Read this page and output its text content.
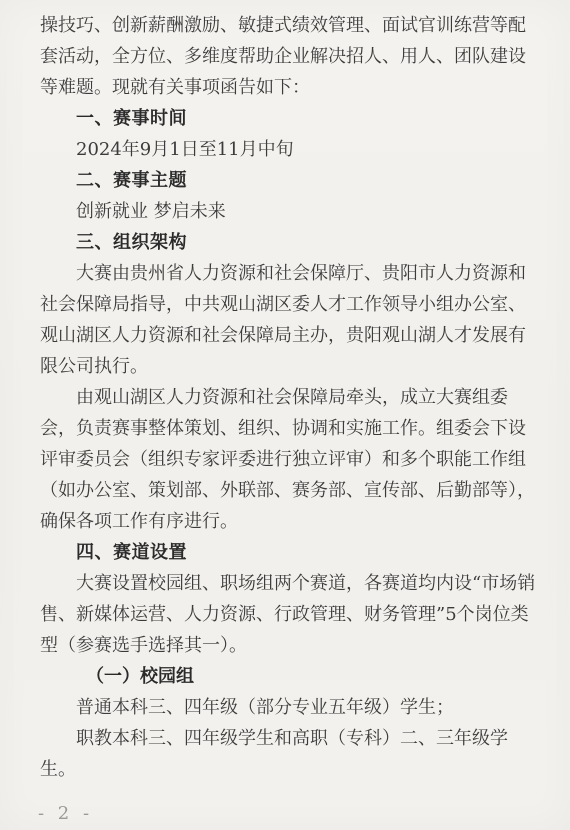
操技巧、创新薪酬激励、敏捷式绩效管理、面试官训练营等配套活动，全方位、多维度帮助企业解决招人、用人、团队建设等难题。现就有关事项函告如下：

一、赛事时间

2024年9月1日至11月中旬

二、赛事主题

创新就业 梦启未来

三、组织架构

大赛由贵州省人力资源和社会保障厅、贵阳市人力资源和社会保障局指导，中共观山湖区委人才工作领导小组办公室、观山湖区人力资源和社会保障局主办，贵阳观山湖人才发展有限公司执行。

由观山湖区人力资源和社会保障局牵头，成立大赛组委会，负责赛事整体策划、组织、协调和实施工作。组委会下设评审委员会（组织专家评委进行独立评审）和多个职能工作组（如办公室、策划部、外联部、赛务部、宣传部、后勤部等），确保各项工作有序进行。

四、赛道设置

大赛设置校园组、职场组两个赛道，各赛道均内设“市场销售、新媒体运营、人力资源、行政管理、财务管理”5个岗位类型（参赛选手选择其一）。

（一）校园组

普通本科三、四年级（部分专业五年级）学生；

职教本科三、四年级学生和高职（专科）二、三年级学生。

- 2 -
